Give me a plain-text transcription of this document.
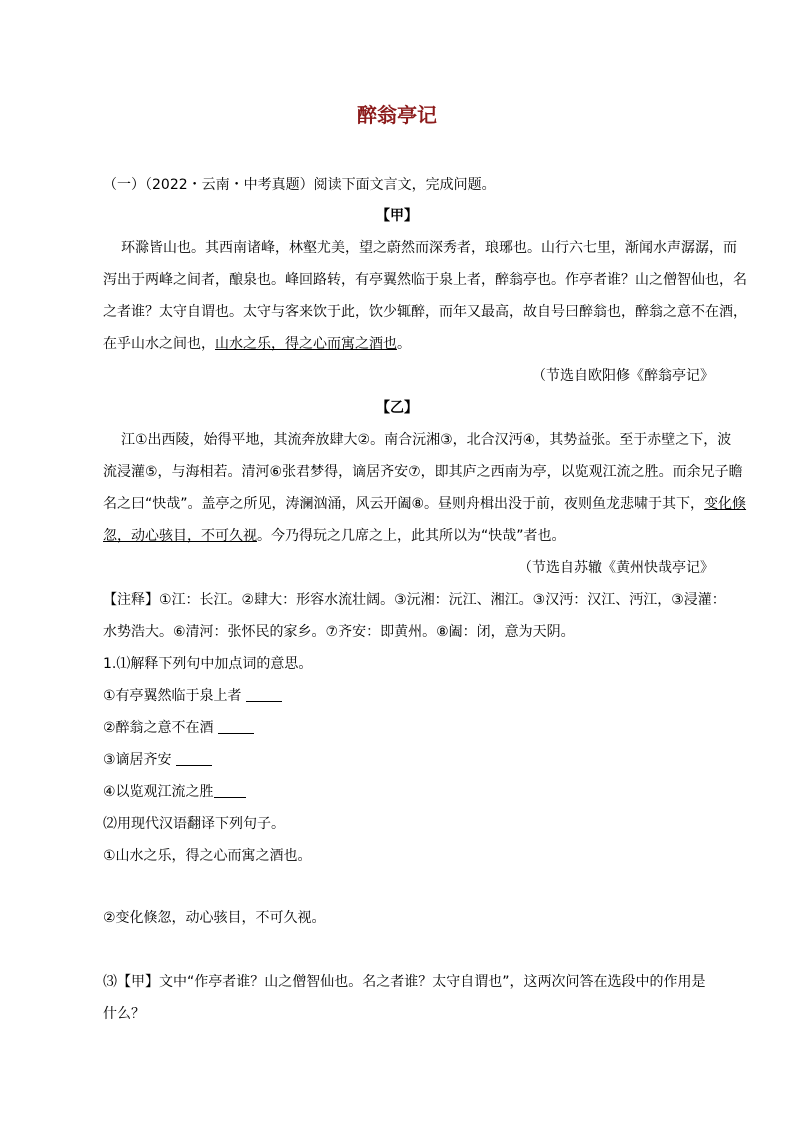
醉翁亭记
（一）（2022・云南・中考真题）阅读下面文言文，完成问题。
【甲】
环滁皆山也。其西南诸峰，林壑尤美，望之蔚然而深秀者，琅琊也。山行六七里，渐闻水声潺潺，而
泻出于两峰之间者，酿泉也。峰回路转，有亭翼然临于泉上者，醉翁亭也。作亭者谁？山之僧智仙也，名
之者谁？太守自谓也。太守与客来饮于此，饮少辄醉，而年又最高，故自号曰醉翁也，醉翁之意不在酒，
在乎山水之间也，山水之乐，得之心而寓之酒也。
（节选自欧阳修《醉翁亭记》
【乙】
江①出西陵，始得平地，其流奔放肆大②。南合沅湘③，北合汉沔④，其势益张。至于赤壁之下，波
流浸灌⑤，与海相若。清河⑥张君梦得，谪居齐安⑦，即其庐之西南为亭，以览观江流之胜。而余兄子瞻
名之曰“快哉”。盖亭之所见，涛澜汹涌，风云开阖⑧。昼则舟楫出没于前，夜则鱼龙悲啸于其下，变化倏
忽，动心骇目，不可久视。今乃得玩之几席之上，此其所以为“快哉”者也。
（节选自苏辙《黄州快哉亭记》
【注释】①江：长江。②肆大：形容水流壮阔。③沅湘：沅江、湘江。③汉沔：汉江、沔江，③浸灌：
水势浩大。⑥清河：张怀民的家乡。⑦齐安：即黄州。⑧阖：闭，意为天阴。
1.⑴解释下列句中加点词的意思。
①有亭翼然临于泉上者
②醉翁之意不在酒
③谪居齐安
④以览观江流之胜
⑵用现代汉语翻译下列句子。
①山水之乐，得之心而寓之酒也。
②变化倏忽，动心骇目，不可久视。
⑶【甲】文中“作亭者谁？山之僧智仙也。名之者谁？太守自谓也”，这两次问答在选段中的作用是
什么？
